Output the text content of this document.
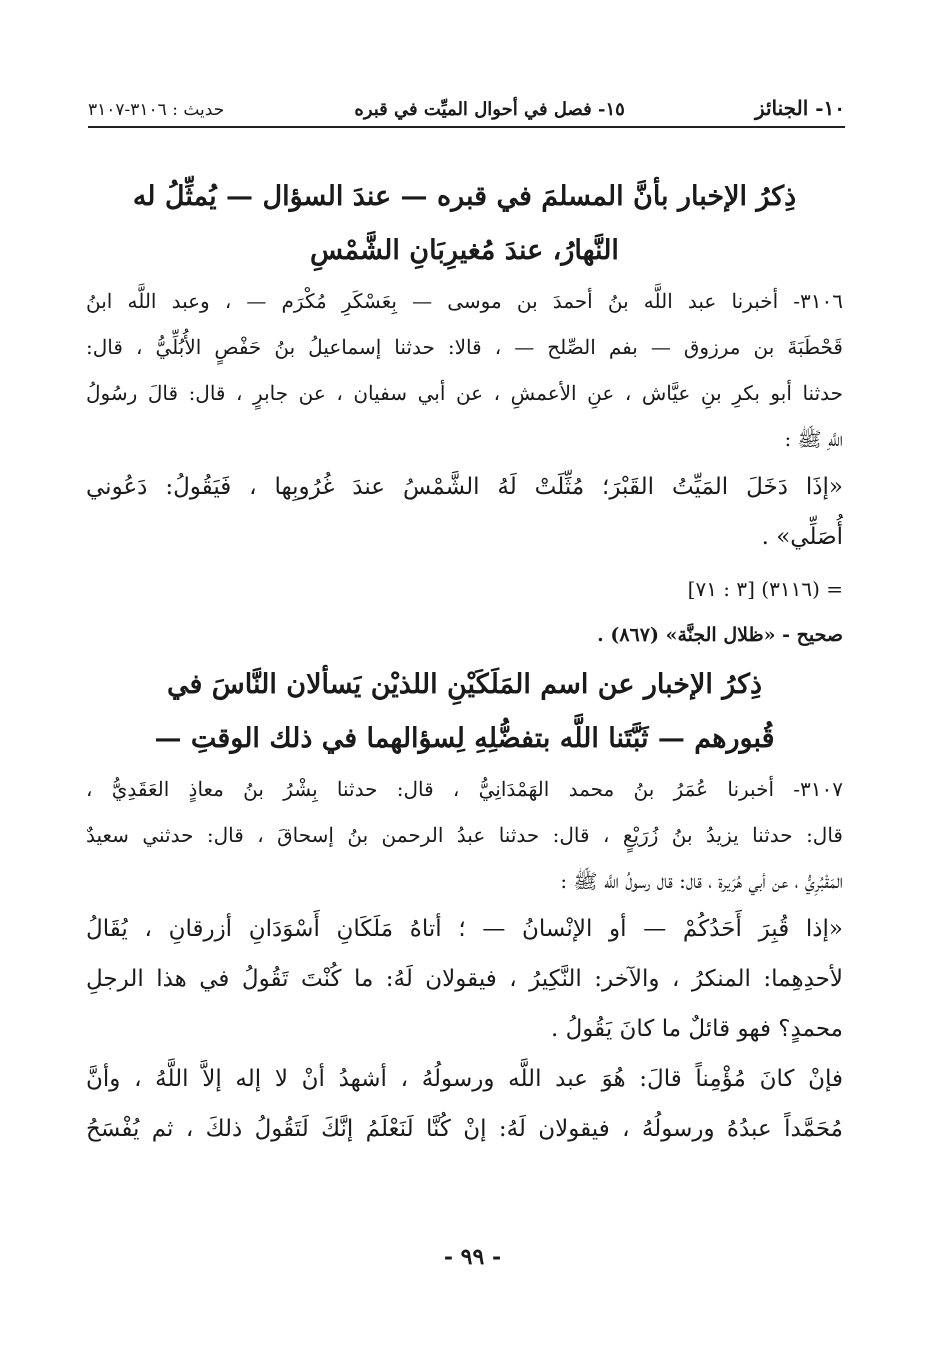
١٠- الجنائز
١٥- فصل في أحوال الميِّت في قبره
حديث : ٣١٠٦-٣١٠٧
ذِكرُ الإخبار بأنَّ المسلمَ في قبره — عندَ السؤال — يُمثِّلُ له
النَّهارُ، عندَ مُغيرِبَانِ الشَّمْسِ

٣١٠٦- أخبرنا عبد اللَّه بنُ أحمدَ بن موسى — بِعَسْكَرِ مُكْرَم — ، وعبد اللَّه ابنُ
قَحْطَبَةَ بن مرزوق — بفم الصِّلح — ، قالا: حدثنا إسماعيلُ بنُ حَفْصٍ الأُبُلِّيُّ ، قال:
حدثنا أبو بكرِ بنِ عيَّاش ، عنِ الأعمشِ ، عن أبي سفيان ، عن جابرٍ ، قال: قالَ رسُولُ
اللَّهِ ﷺ :

«إذَا دَخَلَ المَيِّتُ القَبْرَ؛ مُثِّلَتْ لَهُ الشَّمْسُ عندَ غُرُوبِها ، فَيَقُولُ: دَعُوني
أُصَلِّي» .

= (٣١١٦) [٣ : ٧١]

صحيح - «ظلال الجنَّة» (٨٦٧) .

ذِكرُ الإخبار عن اسم المَلَكَيْنِ اللذيْن يَسألان النَّاسَ في
قُبورهم — ثَبَّتَنا اللَّه بتفضُّلِهِ لِسؤالهما في ذلك الوقتِ —

٣١٠٧- أخبرنا عُمَرُ بنُ محمد الهَمْدَانِيُّ ، قال: حدثنا بِشْرُ بنُ معاذٍ العَقَدِيُّ ،
قال: حدثنا يزيدُ بنُ زُرَيْعٍ ، قال: حدثنا عبدُ الرحمن بنُ إسحاقَ ، قال: حدثني سعيدٌ
المَقْبُرِيُّ ، عن أبي هُرَيرة ، قال: قال رسولُ اللَّه ﷺ :

«إذا قُبِرَ أَحَدُكُمْ — أو الإنْسانُ — ؛ أتاهُ مَلَكَانِ أَسْوَدَانِ أزرقانِ ، يُقَالُ
لأحدِهِما: المنكرُ ، والآخر: النَّكِيرُ ، فيقولان لَهُ: ما كُنْتَ تَقُولُ في هذا الرجلِ
محمدٍ؟ فهو قائلٌ ما كانَ يَقُولُ .
فإنْ كانَ مُؤْمِناً قالَ: هُوَ عبد اللَّه ورسولُهُ ، أشهدُ أنْ لا إله إلاَّ اللَّهُ ، وأنَّ
مُحَمَّداً عبدُهُ ورسولُهُ ، فيقولان لَهُ: إنْ كُنَّا لَنَعْلَمُ إنَّكَ لَتَقُولُ ذلكَ ، ثم يُفْسَحُ

- ٩٩ -
